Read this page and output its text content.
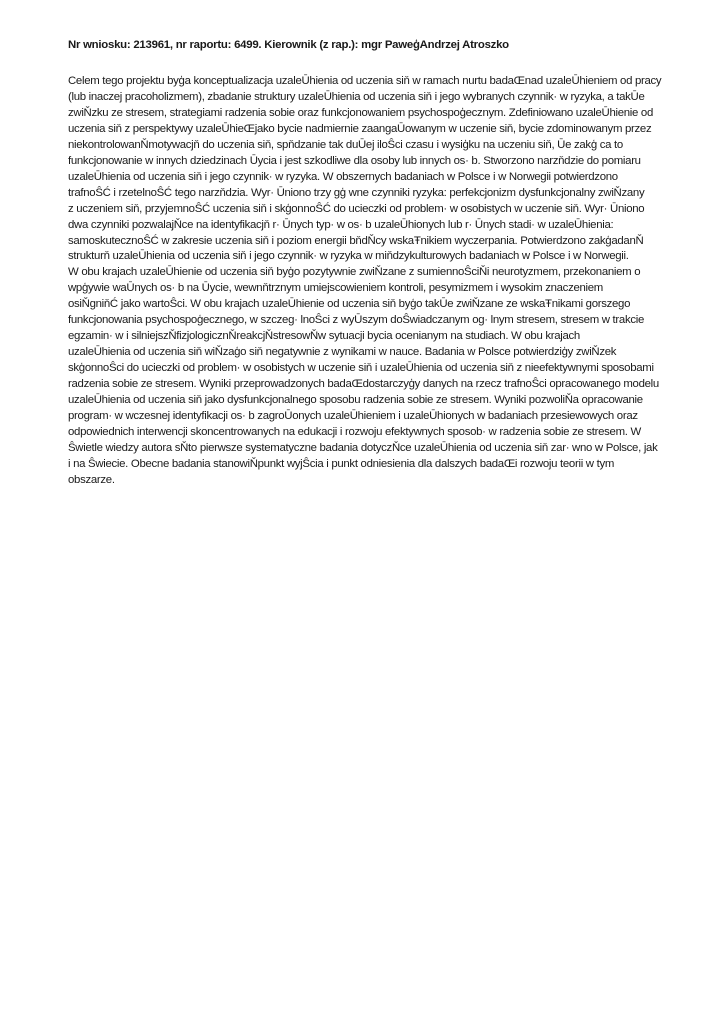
Nr wniosku: 213961, nr raportu: 6499. Kierownik (z rap.): mgr PaweģAndrzej Atroszko
Celem tego projektu byģa konceptualizacja uzaleŪhienia od uczenia siň w ramach nurtu badaŒnad uzaleŪhieniem od pracy
(lub inaczej pracoholizmem), zbadanie struktury uzaleŪhienia od uczenia siň i jego wybranych czynnik· w ryzyka, a takŪe
zwiŇzku ze stresem, strategiami radzenia sobie oraz funkcjonowaniem psychospoģecznym. Zdefiniowano uzaleŪhienie od
uczenia siň z perspektywy uzaleŪhieŒjako bycie nadmiernie zaangaŪowanym w uczenie siň, bycie zdominowanym przez
niekontrolowanŇmotywacjň do uczenia siň, spňdzanie tak duŪej iloŜci czasu i wysiģku na uczeniu siň, Ūe zakģ ca to
funkcjonowanie w innych dziedzinach Ūycia i jest szkodliwe dla osoby lub innych os· b. Stworzono narzňdzie do pomiaru
uzaleŪhienia od uczenia siň i jego czynnik· w ryzyka. W obszernych badaniach w Polsce i w Norwegii potwierdzono
trafnoŜĆ i rzetelnoŜĆ tego narzňdzia. Wyr· Ūniono trzy gģ wne czynniki ryzyka: perfekcjonizm dysfunkcjonalny zwiŇzany
z uczeniem siň, przyjemnoŜĆ uczenia siň i skģonnoŜĆ do ucieczki od problem· w osobistych w uczenie siň. Wyr· Ūniono
dwa czynniki pozwalajŇce na identyfikacjň r· Ūnych typ· w os· b uzaleŪhionych lub r· Ūnych stadi· w uzaleŪhienia:
samoskutecznoŜĆ w zakresie uczenia siň i poziom energii bňdŇcy wskaŦnikiem wyczerpania. Potwierdzono zakģadanŇ
strukturň uzaleŪhienia od uczenia siň i jego czynnik· w ryzyka w miňdzykulturowych badaniach w Polsce i w Norwegii.
W obu krajach uzaleŪhienie od uczenia siň byģo pozytywnie zwiŇzane z sumiennoŜciŇi neurotyzmem, przekonaniem o
wpģywie waŪnych os· b na Ūycie, wewnňtrznym umiejscowieniem kontroli, pesymizmem i wysokim znaczeniem
osiŇgniňĆ jako wartoŜci. W obu krajach uzaleŪhienie od uczenia siň byģo takŪe zwiŇzane ze wskaŦnikami gorszego
funkcjonowania psychospoģecznego, w szczeg· lnoŜci z wyŪszym doŜwiadczanym og· lnym stresem, stresem w trakcie
egzamin· w i silniejszŇfizjologicznŇreakcjŇstresowŇw sytuacji bycia ocenianym na studiach. W obu krajach
uzaleŪhienia od uczenia siň wiŇzaģo siň negatywnie z wynikami w nauce. Badania w Polsce potwierdziģy zwiŇzek
skģonnoŜci do ucieczki od problem· w osobistych w uczenie siň i uzaleŪhienia od uczenia siň z nieefektywnymi sposobami
radzenia sobie ze stresem. Wyniki przeprowadzonych badaŒdostarczyģy danych na rzecz trafnoŜci opracowanego modelu
uzaleŪhienia od uczenia siň jako dysfunkcjonalnego sposobu radzenia sobie ze stresem. Wyniki pozwoliŇa opracowanie
program· w wczesnej identyfikacji os· b zagroŪonych uzaleŪhieniem i uzaleŪhionych w badaniach przesiewowych oraz
odpowiednich interwencji skoncentrowanych na edukacji i rozwoju efektywnych sposob· w radzenia sobie ze stresem. W
Ŝwietle wiedzy autora sŇto pierwsze systematyczne badania dotyczŇce uzaleŪhienia od uczenia siň zar· wno w Polsce, jak
i na Ŝwiecie. Obecne badania stanowiŇpunkt wyjŜcia i punkt odniesienia dla dalszych badaŒi rozwoju teorii w tym
obszarze.
